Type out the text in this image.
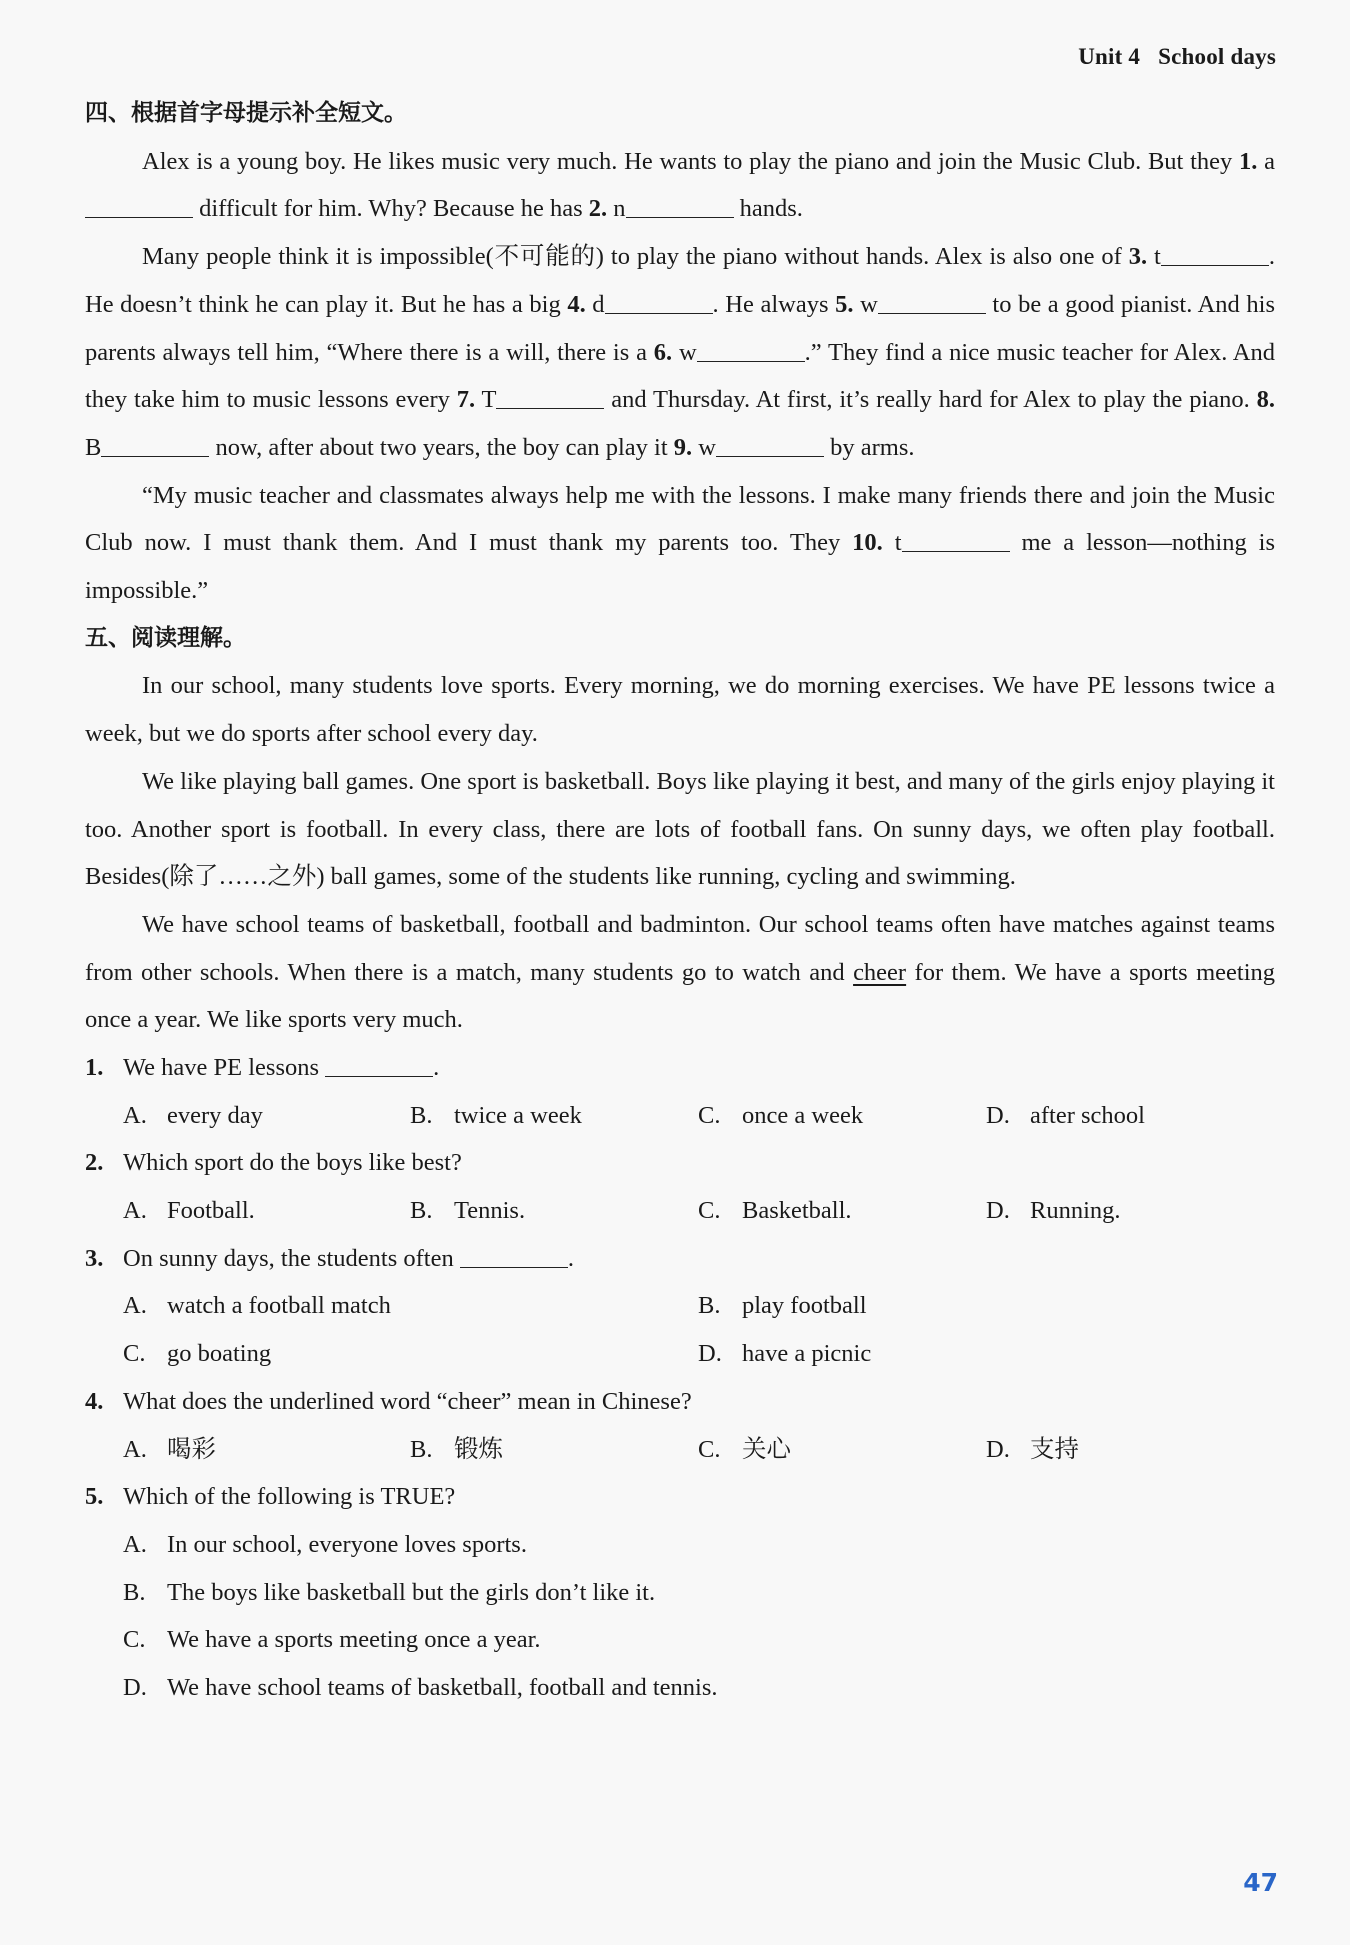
Unit 4 School days
四、根据首字母提示补全短文。

Alex is a young boy. He likes music very much. He wants to play the piano and join the Music Club. But they 1. a difficult for him. Why? Because he has 2. n	hands.

Many people think it is impossible(不可能的) to play the piano without hands. Alex is also one of 3. t	. He doesn’t think he can play it. But he has a big 4. d	. He always 5. w	to be a good pianist. And his parents always tell him, “Where there is a will, there is a 6. w	.” They find a nice music teacher for Alex. And they take him to music lessons every 7. T	and Thursday. At first, it’s really hard for Alex to play the piano. 8. B	now, after about two years, the boy can play it 9. w	by arms.

“My music teacher and classmates always help me with the lessons. I make many friends there and join the Music Club now. I must thank them. And I must thank my parents too. They 10. t	me a lesson—nothing is impossible.”

五、阅读理解。

In our school, many students love sports. Every morning, we do morning exercises. We have PE lessons twice a week, but we do sports after school every day.

We like playing ball games. One sport is basketball. Boys like playing it best, and many of the girls enjoy playing it too. Another sport is football. In every class, there are lots of football fans. On sunny days, we often play football. Besides(除了……之外) ball games, some of the students like running, cycling and swimming.

We have school teams of basketball, football and badminton. Our school teams often have matches against teams from other schools. When there is a match, many students go to watch and cheer for them. We have a sports meeting once a year. We like sports very much.

1. We have PE lessons	.
A. every day	B. twice a week	C. once a week	D. after school
2. Which sport do the boys like best?
A. Football.	B. Tennis.	C. Basketball.	D. Running.
3. On sunny days, the students often	.
A. watch a football match	B. play football
C. go boating	D. have a picnic
4. What does the underlined word “cheer” mean in Chinese?
A. 喝彩	B. 锻炼	C. 关心	D. 支持
5. Which of the following is TRUE?
A. In our school, everyone loves sports.
B. The boys like basketball but the girls don’t like it.
C. We have a sports meeting once a year.
D. We have school teams of basketball, football and tennis.
47
